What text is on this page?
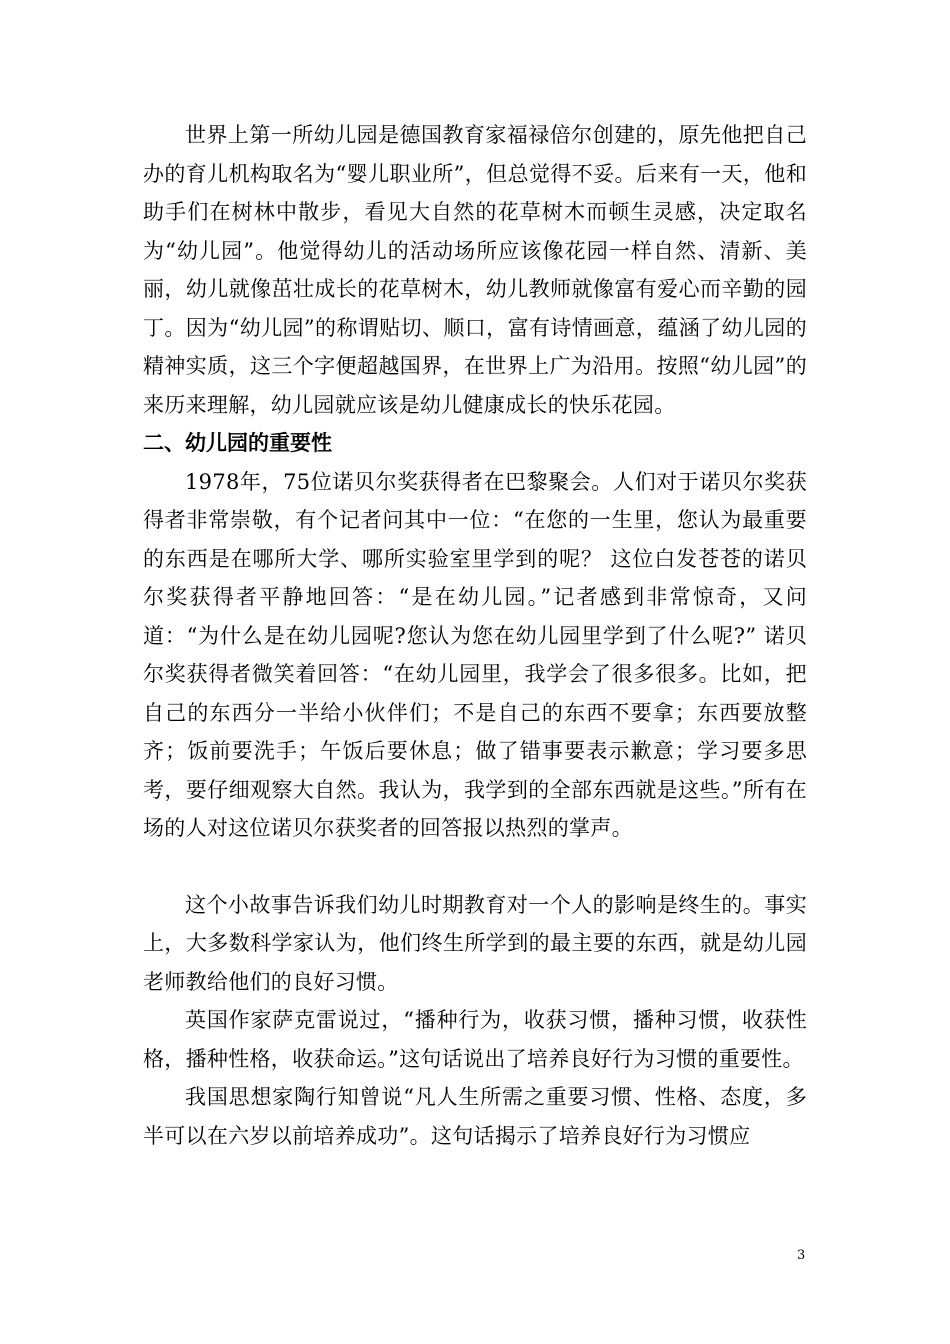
世界上第一所幼儿园是德国教育家福禄倍尔创建的，原先他把自己办的育儿机构取名为“婴儿职业所”，但总觉得不妥。后来有一天，他和助手们在树林中散步，看见大自然的花草树木而顿生灵感，决定取名为“幼儿园”。他觉得幼儿的活动场所应该像花园一样自然、清新、美丽，幼儿就像茁壮成长的花草树木，幼儿教师就像富有爱心而辛勤的园丁。因为“幼儿园”的称谓贴切、顺口，富有诗情画意，蕴涵了幼儿园的精神实质，这三个字便超越国界，在世界上广为沿用。按照“幼儿园”的来历来理解，幼儿园就应该是幼儿健康成长的快乐花园。

二、幼儿园的重要性

1978年，75位诺贝尔奖获得者在巴黎聚会。人们对于诺贝尔奖获得者非常崇敬，有个记者问其中一位：“在您的一生里，您认为最重要的东西是在哪所大学、哪所实验室里学到的呢？ 这位白发苍苍的诺贝尔奖获得者平静地回答：“是在幼儿园。”记者感到非常惊奇，又问道：“为什么是在幼儿园呢?您认为您在幼儿园里学到了什么呢?” 诺贝尔奖获得者微笑着回答：“在幼儿园里，我学会了很多很多。比如，把自己的东西分一半给小伙伴们；不是自己的东西不要拿；东西要放整齐；饭前要洗手；午饭后要休息；做了错事要表示歉意；学习要多思考，要仔细观察大自然。我认为，我学到的全部东西就是这些。”所有在场的人对这位诺贝尔获奖者的回答报以热烈的掌声。

这个小故事告诉我们幼儿时期教育对一个人的影响是终生的。事实上，大多数科学家认为，他们终生所学到的最主要的东西，就是幼儿园老师教给他们的良好习惯。

英国作家萨克雷说过，“播种行为，收获习惯，播种习惯，收获性格，播种性格，收获命运。”这句话说出了培养良好行为习惯的重要性。

我国思想家陶行知曾说“凡人生所需之重要习惯、性格、态度，多半可以在六岁以前培养成功”。这句话揭示了培养良好行为习惯应

3
